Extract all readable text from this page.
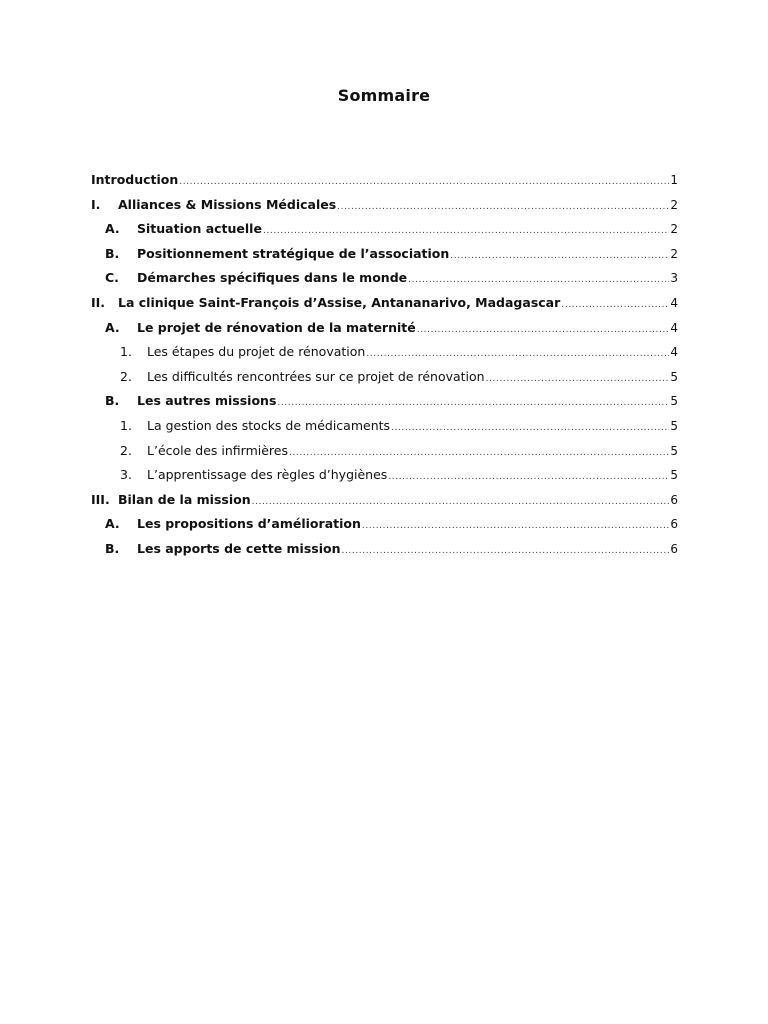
Sommaire
Introduction .....	1
I.	Alliances & Missions Médicales .....	2
A.	Situation actuelle .....	2
B.	Positionnement stratégique de l’association .....	2
C.	Démarches spécifiques dans le monde .....	3
II.	La clinique Saint-François d’Assise, Antananarivo, Madagascar .....	4
A.	Le projet de rénovation de la maternité .....	4
1.	Les étapes du projet de rénovation .....	4
2.	Les difficultés rencontrées sur ce projet de rénovation .....	5
B.	Les autres missions .....	5
1.	La gestion des stocks de médicaments .....	5
2.	L’école des infirmières .....	5
3.	L’apprentissage des règles d’hygiènes .....	5
III. Bilan de la mission .....	6
A.	Les propositions d’amélioration .....	6
B.	Les apports de cette mission .....	6
